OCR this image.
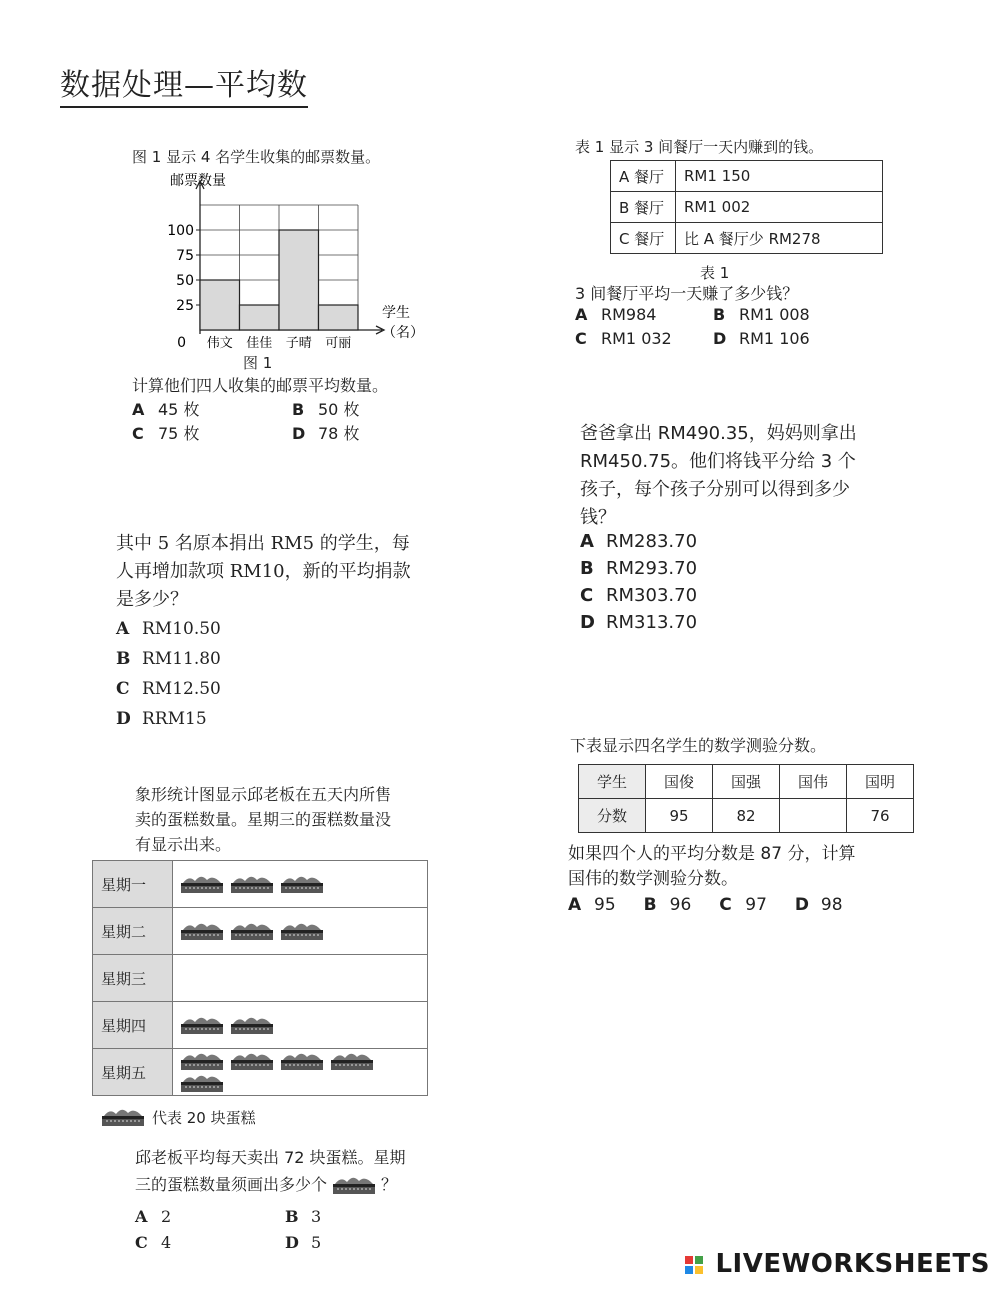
数据处理—平均数
图 1 显示 4 名学生收集的邮票数量。
邮票数量
0
25
50
75
100
伟文 佳佳 子晴 可丽
学生
（名）
图 1
计算他们四人收集的邮票平均数量。
A 45 枚	B 50 枚
C 75 枚	D 78 枚
表 1 显示 3 间餐厅一天内赚到的钱。
A 餐厅	RM1 150
B 餐厅	RM1 002
C 餐厅	比 A 餐厅少 RM278
表 1
3 间餐厅平均一天赚了多少钱？
A RM984	B RM1 008
C RM1 032	D RM1 106
爸爸拿出 RM490.35，妈妈则拿出
RM450.75。他们将钱平分给 3 个
孩子，每个孩子分别可以得到多少
钱？
A RM283.70
B RM293.70
C RM303.70
D RM313.70
其中 5 名原本捐出 RM5 的学生，每
人再增加款项 RM10，新的平均捐款
是多少？
A RM10.50
B RM11.80
C RM12.50
D RRM15
下表显示四名学生的数学测验分数。
学生	国俊	国强	国伟	国明
分数	95	82		76
如果四个人的平均分数是 87 分，计算
国伟的数学测验分数。
A 95 B 96 C 97 D 98
象形统计图显示邱老板在五天内所售
卖的蛋糕数量。星期三的蛋糕数量没
有显示出来。
星期一	
星期二	
星期三	
星期四	
星期五	
代表 20 块蛋糕
邱老板平均每天卖出 72 块蛋糕。星期
三的蛋糕数量须画出多少个	？
A 2	B 3
C 4	D 5
LIVEWORKSHEETS
